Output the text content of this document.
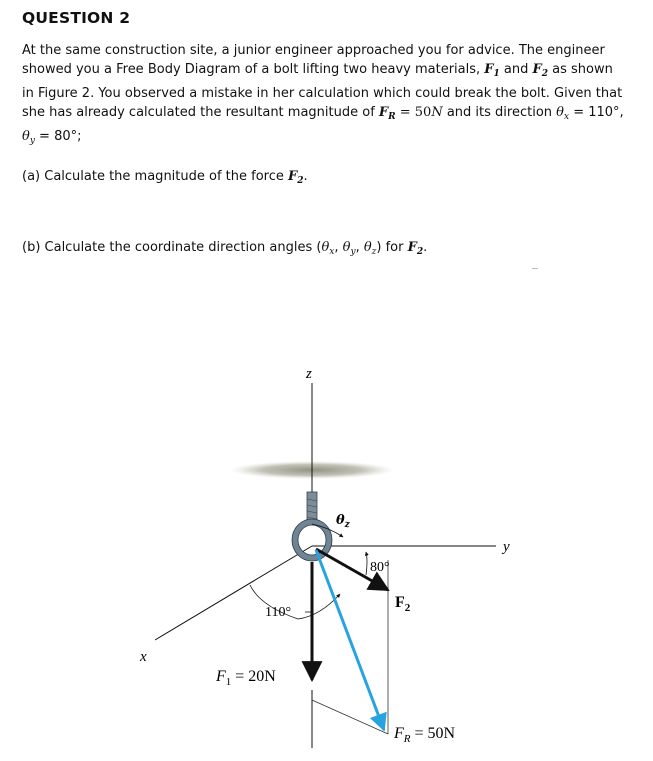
QUESTION 2
At the same construction site, a junior engineer approached you for advice. The engineer
showed you a Free Body Diagram of a bolt lifting two heavy materials, $F_1$ and $F_2$ as shown
in Figure 2. You observed a mistake in her calculation which could break the bolt. Given that
she has already calculated the resultant magnitude of $F_R = 50N$ and its direction $\theta_x = 110^\circ$,
$\theta_y = 80^\circ$;
(a) Calculate the magnitude of the force $F_2$.
(b) Calculate the coordinate direction angles ($\theta_x$, $\theta_y$, $\theta_z$) for $F_2$.
z
y
x
$\theta_z$
80°
110°
$F_2$
$F_1 = 20N$
$F_R = 50N$
